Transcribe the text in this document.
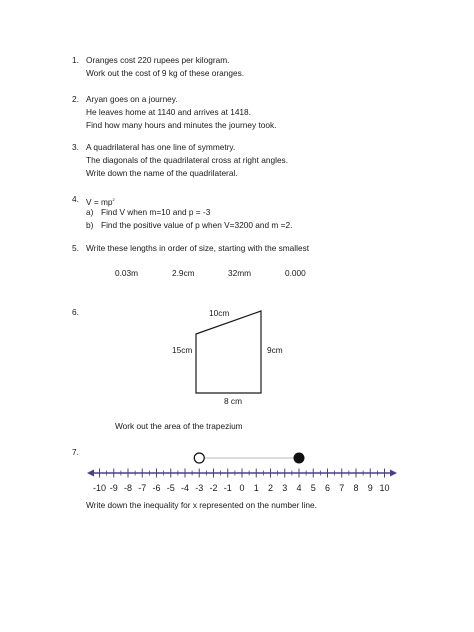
1. Oranges cost 220 rupees per kilogram.
Work out the cost of 9 kg of these oranges.
2. Aryan goes on a journey.
He leaves home at 1140 and arrives at 1418.
Find how many hours and minutes the journey took.
3. A quadrilateral has one line of symmetry.
The diagonals of the quadrilateral cross at right angles.
Write down the name of the quadrilateral.
4. $V = mp^2$
a) Find V when m=10 and p = -3
b) Find the positive value of p when V=3200 and m =2.
5. Write these lengths in order of size, starting with the smallest
0.03m	2.9cm	32mm	0.000
6.	10cm
15cm	9cm
8 cm
Work out the area of the trapezium
7.
-10 -9 -8 -7 -6 -5 -4 -3 -2 -1 0 1 2 3 4 5 6 7 8 9 10
Write down the inequality for x represented on the number line.
